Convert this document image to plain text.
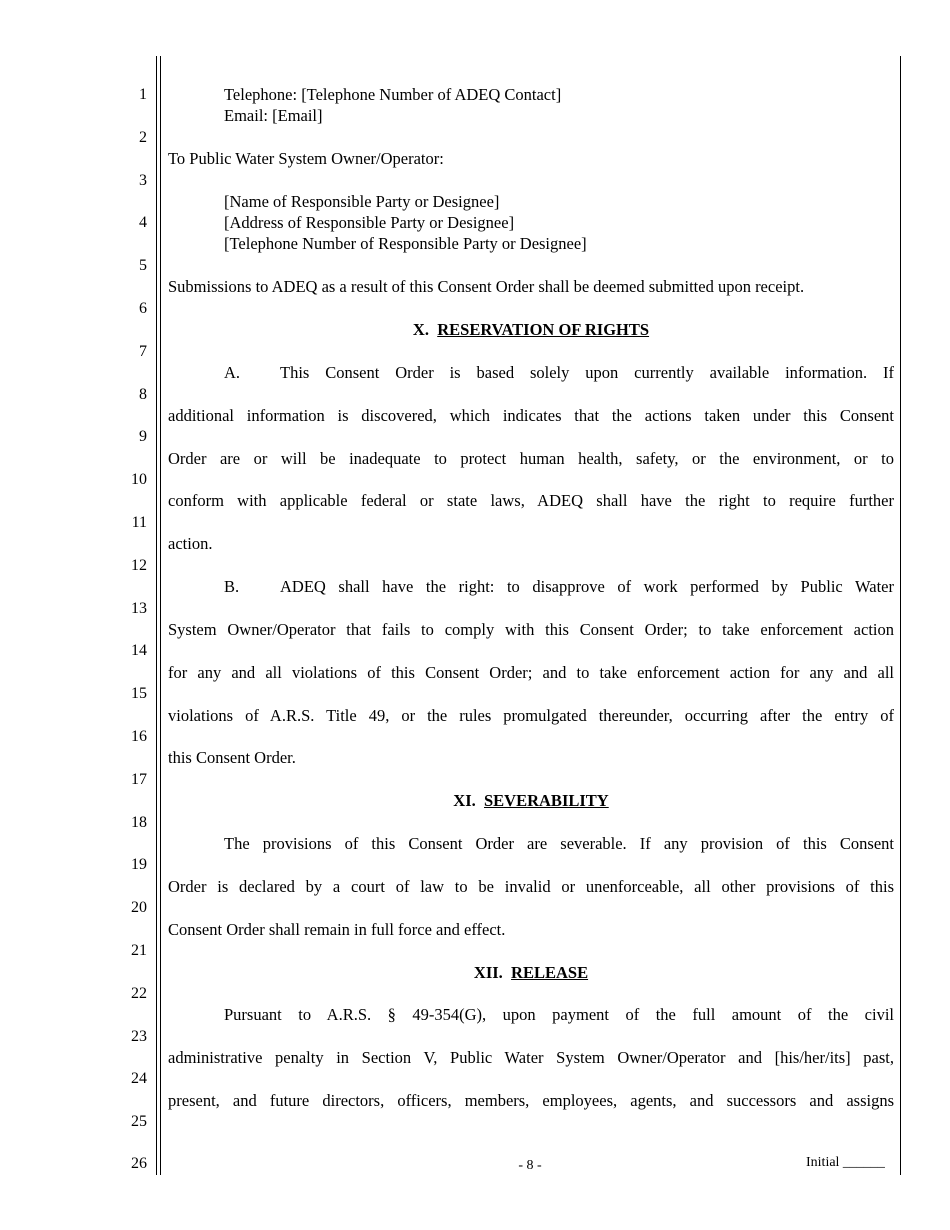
1
2
3
4
5
6
7
8
9
10
11
12
13
14
15
16
17
18
19
20
21
22
23
24
25
26
Telephone: [Telephone Number of ADEQ Contact]
Email: [Email]
To Public Water System Owner/Operator:
[Name of Responsible Party or Designee]
[Address of Responsible Party or Designee]
[Telephone Number of Responsible Party or Designee]
Submissions to ADEQ as a result of this Consent Order shall be deemed submitted upon receipt.
X. RESERVATION OF RIGHTS
A. This Consent Order is based solely upon currently available information. If
additional information is discovered, which indicates that the actions taken under this Consent
Order are or will be inadequate to protect human health, safety, or the environment, or to
conform with applicable federal or state laws, ADEQ shall have the right to require further
action.
B. ADEQ shall have the right: to disapprove of work performed by Public Water
System Owner/Operator that fails to comply with this Consent Order; to take enforcement action
for any and all violations of this Consent Order; and to take enforcement action for any and all
violations of A.R.S. Title 49, or the rules promulgated thereunder, occurring after the entry of
this Consent Order.
XI. SEVERABILITY
The provisions of this Consent Order are severable. If any provision of this Consent
Order is declared by a court of law to be invalid or unenforceable, all other provisions of this
Consent Order shall remain in full force and effect.
XII. RELEASE
Pursuant to A.R.S. § 49-354(G), upon payment of the full amount of the civil
administrative penalty in Section V, Public Water System Owner/Operator and [his/her/its] past,
present, and future directors, officers, members, employees, agents, and successors and assigns
- 8 -	Initial ______
